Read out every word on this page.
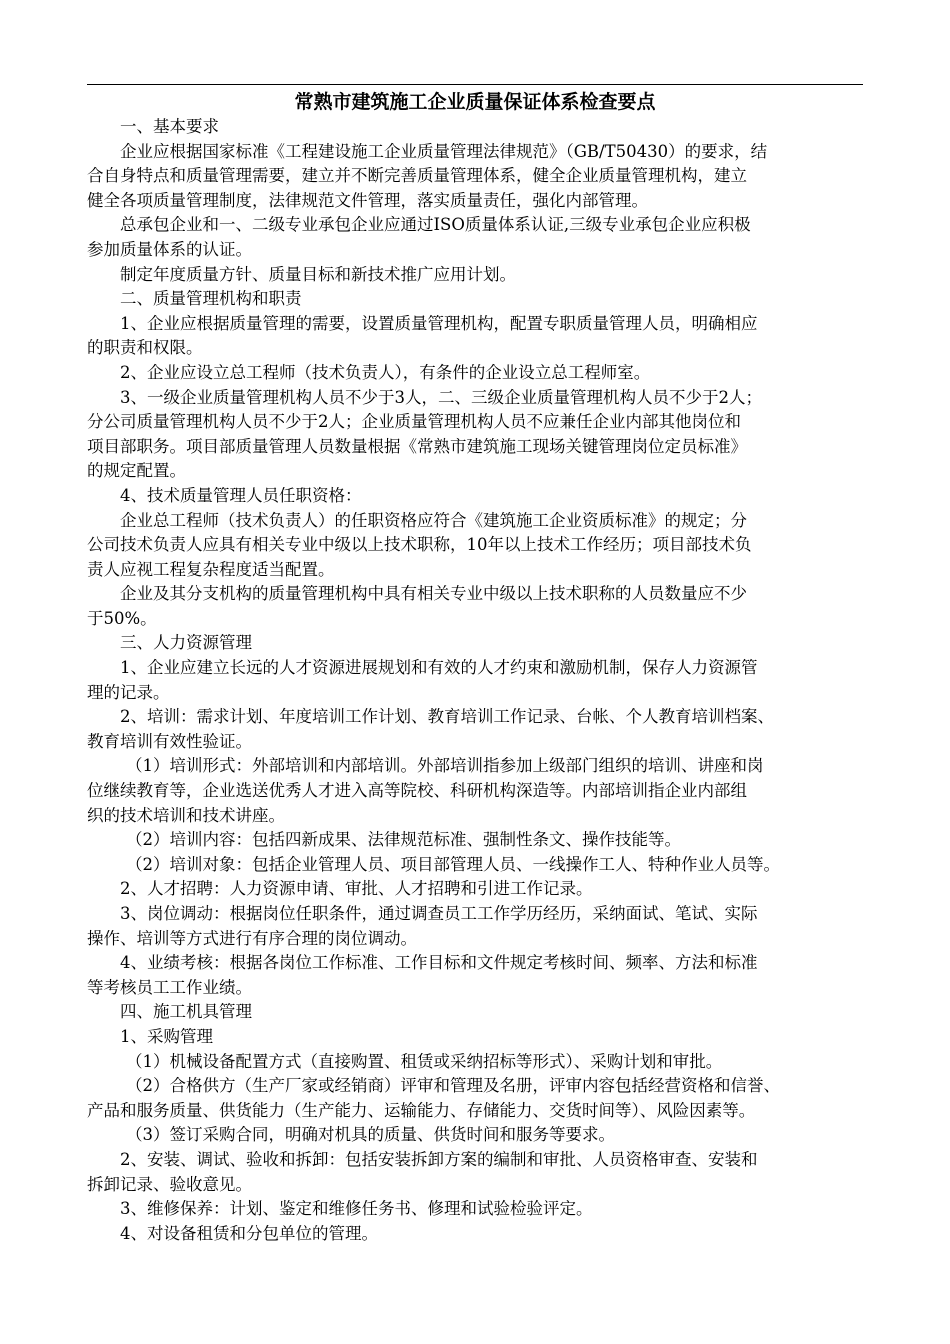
常熟市建筑施工企业质量保证体系检查要点
一、基本要求
企业应根据国家标准《工程建设施工企业质量管理法律规范》（GB/T50430）的要求，结
合自身特点和质量管理需要，建立并不断完善质量管理体系，健全企业质量管理机构，建立
健全各项质量管理制度，法律规范文件管理，落实质量责任，强化内部管理。
总承包企业和一、二级专业承包企业应通过ISO质量体系认证,三级专业承包企业应积极
参加质量体系的认证。
制定年度质量方针、质量目标和新技术推广应用计划。
二、质量管理机构和职责
1、企业应根据质量管理的需要，设置质量管理机构，配置专职质量管理人员，明确相应
的职责和权限。
2、企业应设立总工程师（技术负责人），有条件的企业设立总工程师室。
3、一级企业质量管理机构人员不少于3人，二、三级企业质量管理机构人员不少于2人；
分公司质量管理机构人员不少于2人；企业质量管理机构人员不应兼任企业内部其他岗位和
项目部职务。项目部质量管理人员数量根据《常熟市建筑施工现场关键管理岗位定员标准》
的规定配置。
4、技术质量管理人员任职资格：
企业总工程师（技术负责人）的任职资格应符合《建筑施工企业资质标准》的规定；分
公司技术负责人应具有相关专业中级以上技术职称，10年以上技术工作经历；项目部技术负
责人应视工程复杂程度适当配置。
企业及其分支机构的质量管理机构中具有相关专业中级以上技术职称的人员数量应不少
于50%。
三、人力资源管理
1、企业应建立长远的人才资源进展规划和有效的人才约束和激励机制，保存人力资源管
理的记录。
2、培训：需求计划、年度培训工作计划、教育培训工作记录、台帐、个人教育培训档案、
教育培训有效性验证。
（1）培训形式：外部培训和内部培训。外部培训指参加上级部门组织的培训、讲座和岗
位继续教育等，企业选送优秀人才进入高等院校、科研机构深造等。内部培训指企业内部组
织的技术培训和技术讲座。
（2）培训内容：包括四新成果、法律规范标准、强制性条文、操作技能等。
（2）培训对象：包括企业管理人员、项目部管理人员、一线操作工人、特种作业人员等。
2、人才招聘：人力资源申请、审批、人才招聘和引进工作记录。
3、岗位调动：根据岗位任职条件，通过调查员工工作学历经历，采纳面试、笔试、实际
操作、培训等方式进行有序合理的岗位调动。
4、业绩考核：根据各岗位工作标准、工作目标和文件规定考核时间、频率、方法和标准
等考核员工工作业绩。
四、施工机具管理
1、采购管理
（1）机械设备配置方式（直接购置、租赁或采纳招标等形式）、采购计划和审批。
（2）合格供方（生产厂家或经销商）评审和管理及名册，评审内容包括经营资格和信誉、
产品和服务质量、供货能力（生产能力、运输能力、存储能力、交货时间等）、风险因素等。
（3）签订采购合同，明确对机具的质量、供货时间和服务等要求。
2、安装、调试、验收和拆卸：包括安装拆卸方案的编制和审批、人员资格审查、安装和
拆卸记录、验收意见。
3、维修保养：计划、鉴定和维修任务书、修理和试验检验评定。
4、对设备租赁和分包单位的管理。
